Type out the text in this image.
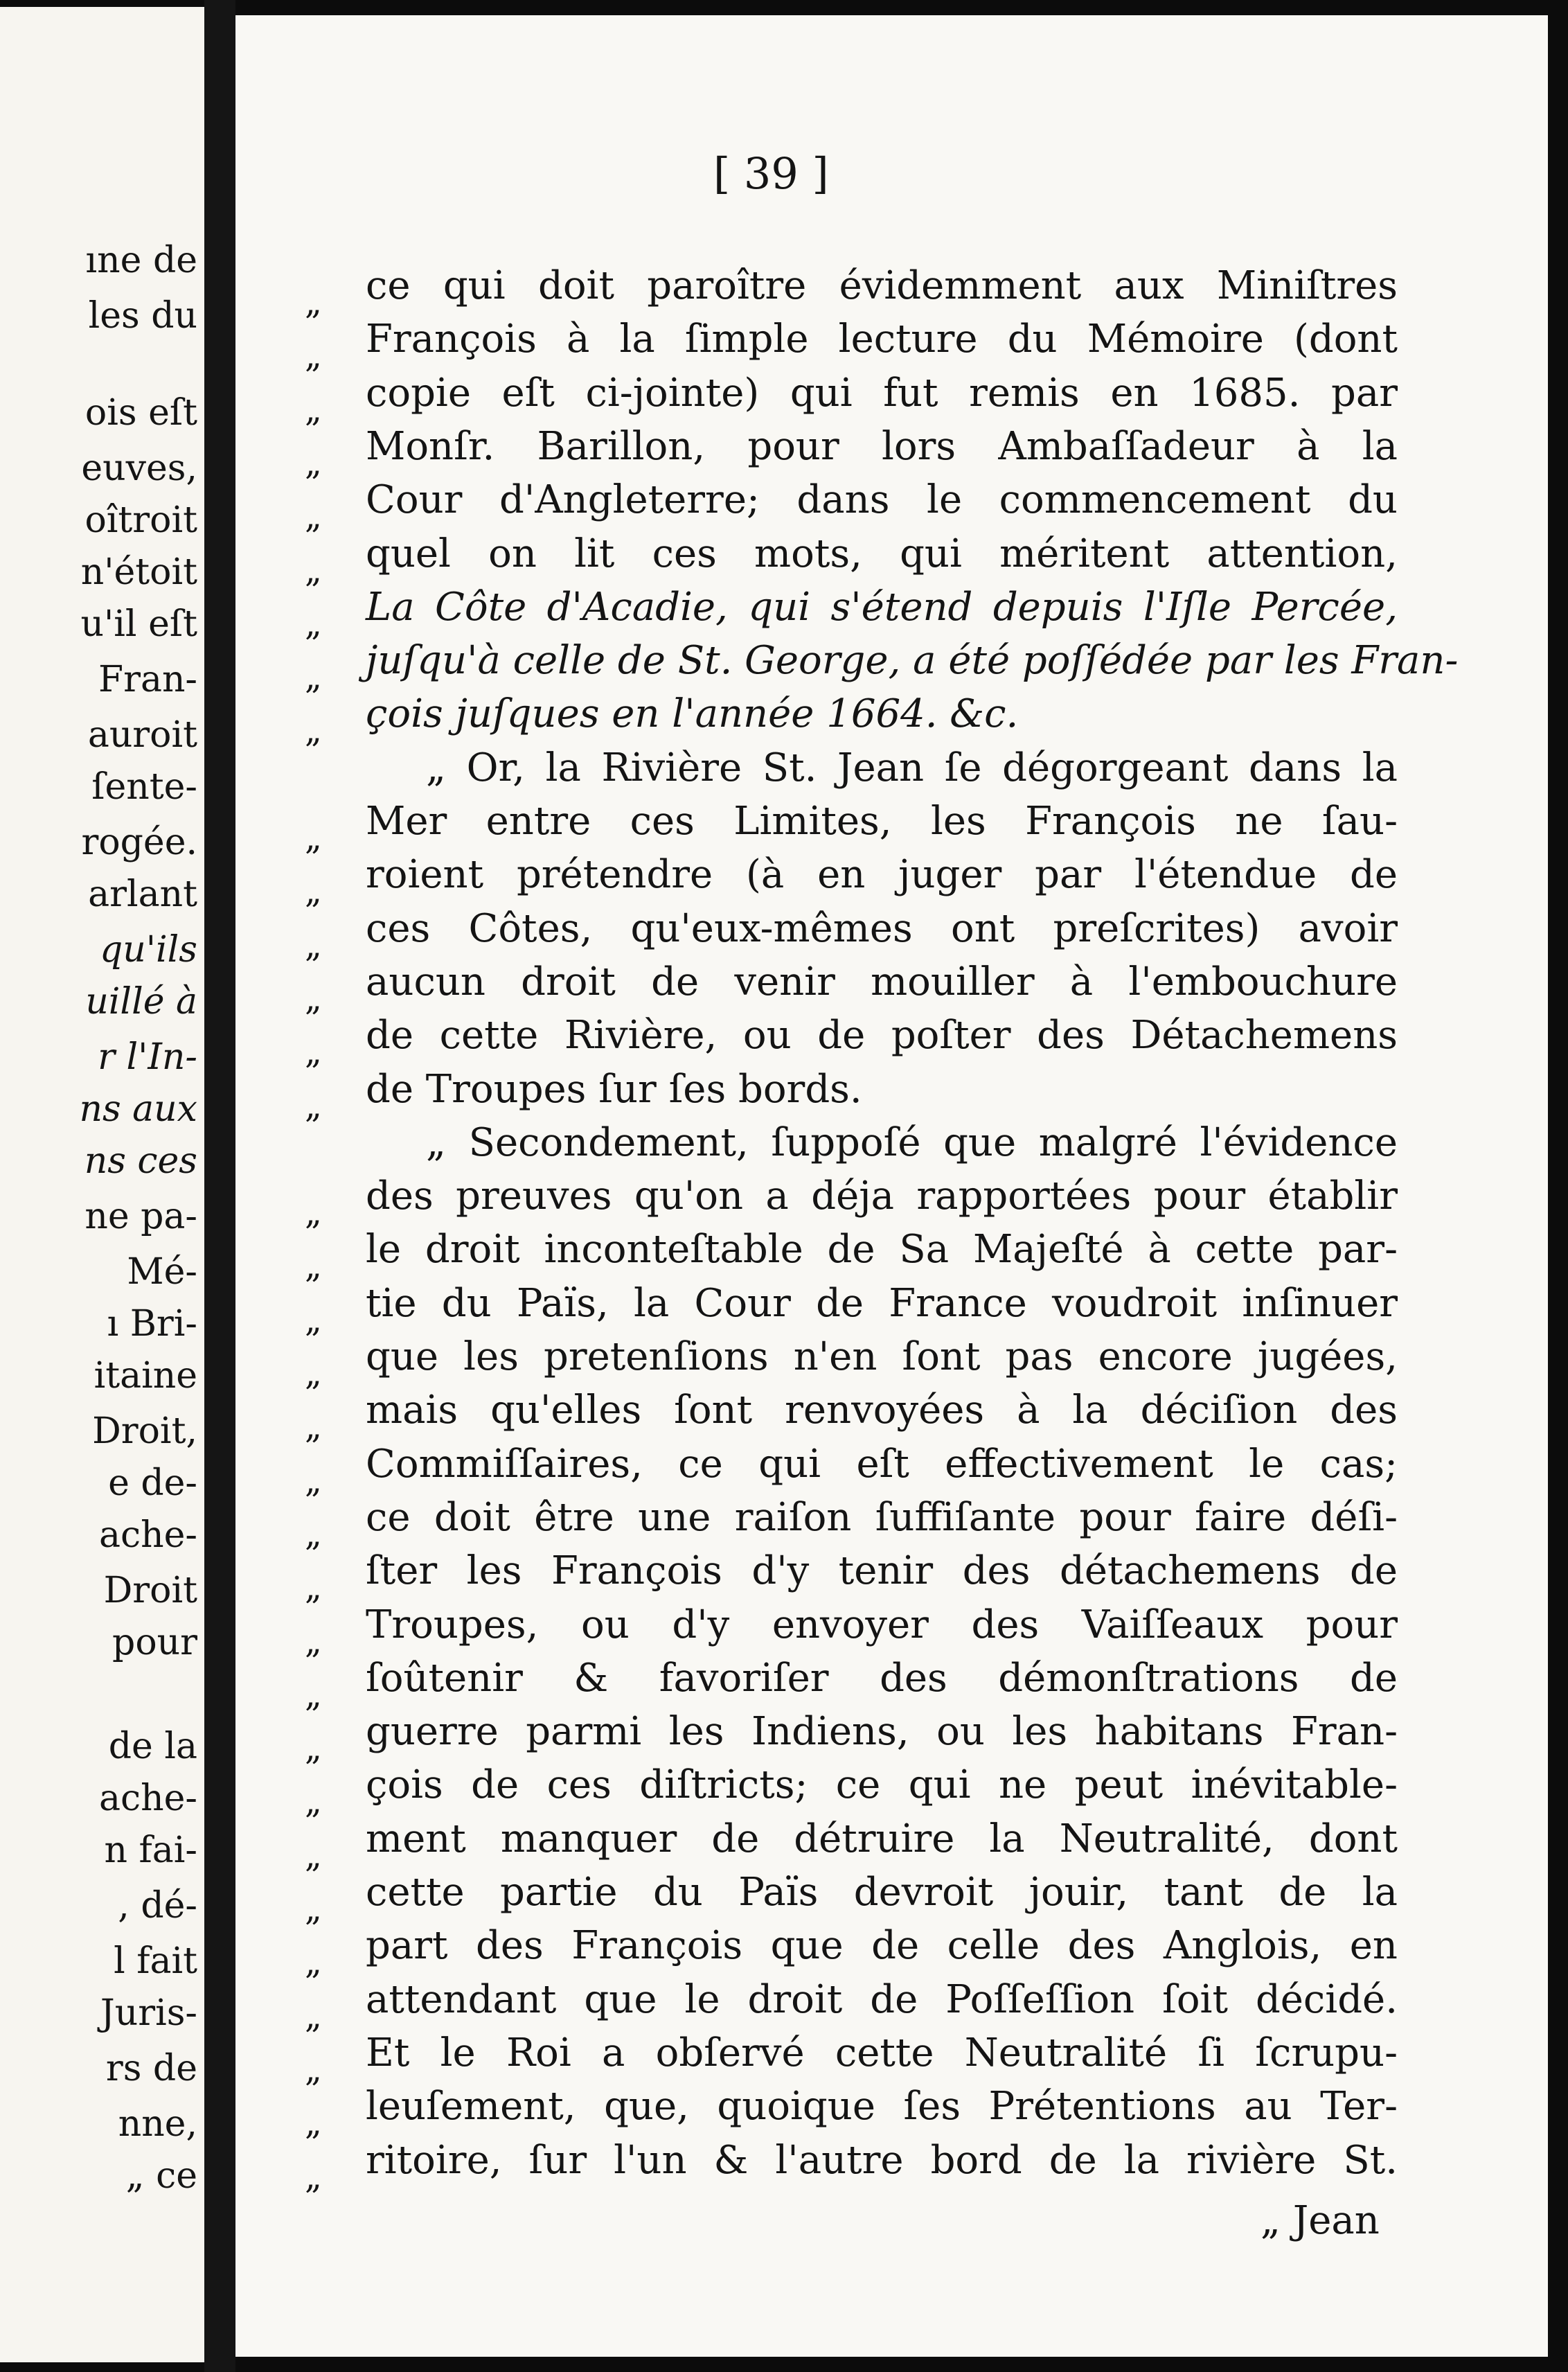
ıne de
les du
ois eſt
euves,
oîtroit
n'étoit
u'il eſt
Fran-
auroit
ſente-
rogée.
arlant
qu'ils
uillé à
r l'In-
ns aux
ns ces
ne pa-
Mé-
ı Bri-
itaine
Droit,
e de-
ache-
Droit
pour
de la
ache-
n fai-
, dé-
l fait
Juris-
rs de
nne,
„ ce
[ 39 ]
„	ce qui doit paroître évidemment aux Miniſtres
„	François à la ſimple lecture du Mémoire (dont
„	copie eſt ci-jointe) qui fut remis en 1685. par
„	Monſr. Barillon, pour lors Ambaſſadeur à la
„	Cour d'Angleterre; dans le commencement du
„	quel on lit ces mots, qui méritent attention,
„	La Côte d'Acadie, qui s'étend depuis l'Iſle Percée,
„	juſqu'à celle de St. George, a été poſſédée par les Fran-
„	çois juſques en l'année 1664. &c.
„ Or, la Rivière St. Jean ſe dégorgeant dans la
„	Mer entre ces Limites, les François ne ſau-
„	roient prétendre (à en juger par l'étendue de
„	ces Côtes, qu'eux-mêmes ont preſcrites) avoir
„	aucun droit de venir mouiller à l'embouchure
„	de cette Rivière, ou de poſter des Détachemens
„	de Troupes ſur ſes bords.
„ Secondement, ſuppoſé que malgré l'évidence
„	des preuves qu'on a déja rapportées pour établir
„	le droit inconteſtable de Sa Majeſté à cette par-
„	tie du Païs, la Cour de France voudroit inſinuer
„	que les pretenſions n'en ſont pas encore jugées,
„	mais qu'elles ſont renvoyées à la déciſion des
„	Commiſſaires, ce qui eſt effectivement le cas;
„	ce doit être une raiſon ſuffiſante pour faire déſi-
„	ſter les François d'y tenir des détachemens de
„	Troupes, ou d'y envoyer des Vaiſſeaux pour
„	ſoûtenir & favoriſer des démonſtrations de
„	guerre parmi les Indiens, ou les habitans Fran-
„	çois de ces diſtricts; ce qui ne peut inévitable-
„	ment manquer de détruire la Neutralité, dont
„	cette partie du Païs devroit jouir, tant de la
„	part des François que de celle des Anglois, en
„	attendant que le droit de Poſſeſſion ſoit décidé.
„	Et le Roi a obſervé cette Neutralité ſi ſcrupu-
„	leuſement, que, quoique ſes Prétentions au Ter-
„	ritoire, ſur l'un & l'autre bord de la rivière St.
„ Jean
